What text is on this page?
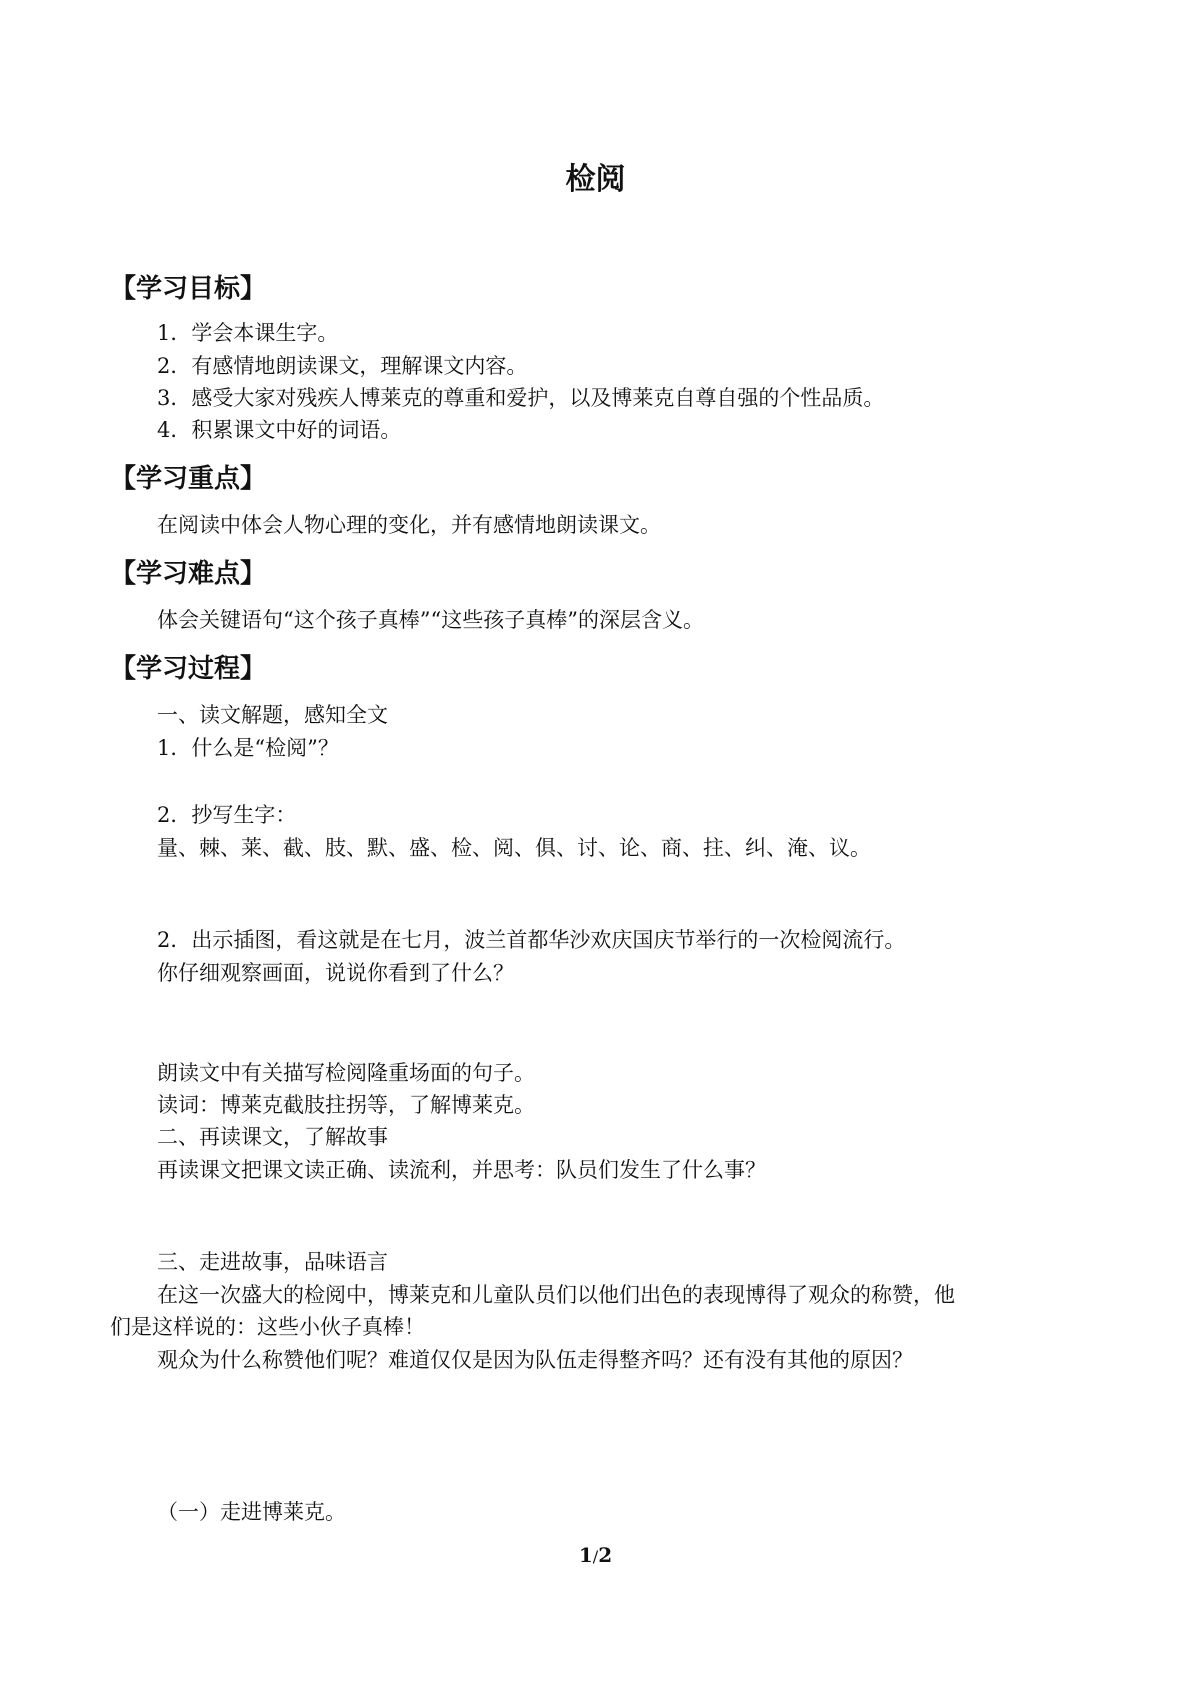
检阅
【学习目标】
1．学会本课生字。
2．有感情地朗读课文，理解课文内容。
3．感受大家对残疾人博莱克的尊重和爱护，以及博莱克自尊自强的个性品质。
4．积累课文中好的词语。
【学习重点】
在阅读中体会人物心理的变化，并有感情地朗读课文。
【学习难点】
体会关键语句“这个孩子真棒”“这些孩子真棒”的深层含义。
【学习过程】
一、读文解题，感知全文
1．什么是“检阅”？
2．抄写生字：
量、棘、莱、截、肢、默、盛、检、阅、俱、讨、论、商、拄、纠、淹、议。
2．出示插图，看这就是在七月，波兰首都华沙欢庆国庆节举行的一次检阅流行。
你仔细观察画面，说说你看到了什么？
朗读文中有关描写检阅隆重场面的句子。
读词：博莱克截肢拄拐等，了解博莱克。
二、再读课文，了解故事
再读课文把课文读正确、读流利，并思考：队员们发生了什么事？
三、走进故事，品味语言
在这一次盛大的检阅中，博莱克和儿童队员们以他们出色的表现博得了观众的称赞，他
们是这样说的：这些小伙子真棒！
观众为什么称赞他们呢？难道仅仅是因为队伍走得整齐吗？还有没有其他的原因？
（一）走进博莱克。
1/2
